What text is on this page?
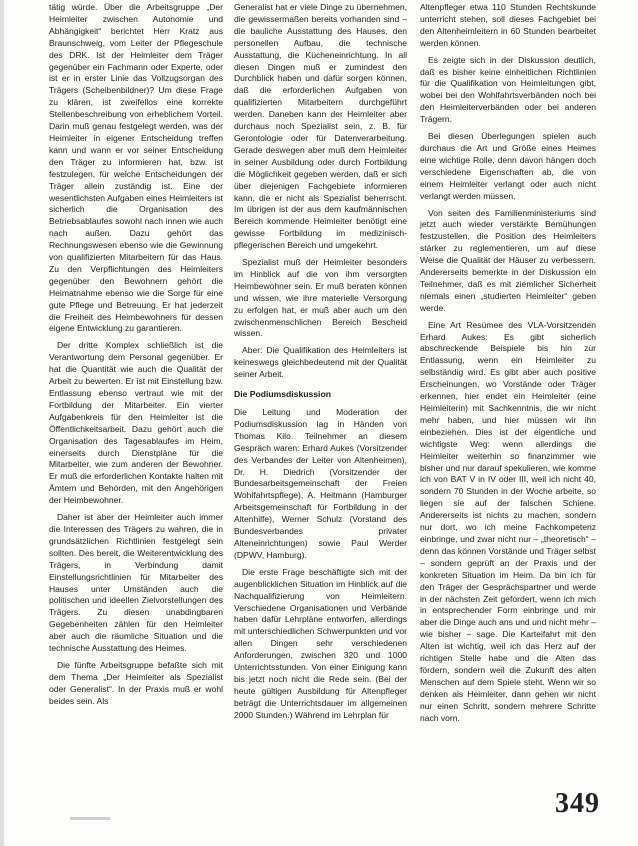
tätig würde. Über die Arbeitsgruppe „Der Heimleiter zwischen Autonomie und Abhängigkeit“ berichtet Herr Kratz aus Braunschweig, vom Leiter der Pflegeschule des DRK. Ist der Heimleiter dem Träger gegenüber ein Fachmann oder Experte, oder ist er in erster Linie das Vollzugsorgan des Trägers (Scheibenbildner)? Um diese Frage zu klären, ist zweifellos eine korrekte Stellenbeschreibung von erheblichem Vorteil. Darin muß genau festgelegt werden, was der Heimleiter in eigener Entscheidung treffen kann und wann er vor seiner Entscheidung den Träger zu informieren hat, bzw. ist festzulegen, für welche Entscheidungen der Träger allein zuständig ist. Eine der wesentlichsten Aufgaben eines Heimleiters ist sicherlich die Organisation des Betriebsablaufes sowohl nach innen wie auch nach außen. Dazu gehört das Rechnungswesen ebenso wie die Gewinnung von qualifizierten Mitarbeitern für das Haus. Zu den Verpflichtungen des Heimleiters gegenüber den Bewohnern gehört die Heimatnahme ebenso wie die Sorge für eine gute Pflege und Betreuung. Er hat jederzeit die Freiheit des Heimbewohners für dessen eigene Entwicklung zu garantieren.

Der dritte Komplex schließlich ist die Verantwortung dem Personal gegenüber. Er hat die Quantität wie auch die Qualität der Arbeit zu bewerten. Er ist mit Einstellung bzw. Entlassung ebenso vertraut wie mit der Fortbildung der Mitarbeiter. Ein vierter Aufgabenkreis für den Heimleiter ist die Öffentlichkeitsarbeit. Dazu gehört auch die Organisation des Tagesablaufes im Heim, einerseits durch Dienstpläne für die Mitarbeiter, wie zum anderen der Bewohner. Er muß die erforderlichen Kontakte halten mit Ämtern und Behörden, mit den Angehörigen der Heimbewohner.

Daher ist aber der Heimleiter auch immer die Interessen des Trägers zu wahren, die in grundsätzlichen Richtlinien festgelegt sein sollten. Des bereit, die Weiterentwicklung des Trägers, in Verbindung damit Einstellungsrichtlinien für Mitarbeiter des Hauses unter Umständen auch die politischen und ideellen Zielvorstellungen des Trägers. Zu diesen unabdingbaren Gegebenheiten zählen für den Heimleiter aber auch die räumliche Situation und die technische Ausstattung des Heimes.

Die fünfte Arbeitsgruppe befaßte sich mit dem Thema „Der Heimleiter als Spezialist oder Generalist“. In der Praxis muß er wohl beides sein. Als

Generalist hat er viele Dinge zu übernehmen, die gewissermaßen bereits vorhanden sind – die bauliche Ausstattung des Hauses, den personellen Aufbau, die technische Ausstattung, die Kücheneinrichtung. In all diesen Dingen muß er zumindest den Durchblick haben und dafür sorgen können, daß die erforderlichen Aufgaben von qualifizierten Mitarbeitern durchgeführt werden. Daneben kann der Heimleiter aber durchaus noch Spezialist sein, z. B. für Gerontologie oder für Datenverarbeitung. Gerade deswegen aber muß dem Heimleiter in seiner Ausbildung oder durch Fortbildung die Möglichkeit gegeben werden, daß er sich über diejenigen Fachgebiete informieren kann, die er nicht als Spezialist beherrscht. Im übrigen ist der aus dem kaufmännischen Bereich kommende Heimleiter benötigt eine gewisse Fortbildung im medizinisch-pflegerischen Bereich und umgekehrt.

Spezialist muß der Heimleiter besonders im Hinblick auf die von ihm versorgten Heimbewohner sein. Er muß beraten können und wissen, wie ihre materielle Versorgung zu erfolgen hat, er muß aber auch um den zwischenmenschlichen Bereich Bescheid wissen.

Aber: Die Qualifikation des Heimleiters ist keineswegs gleichbedeutend mit der Qualität seiner Arbeit.

Die Podiumsdiskussion

Die Leitung und Moderation der Podiumsdiskussion lag in Händen von Thomas Kilo. Teilnehmer an diesem Gespräch waren: Erhard Aukes (Vorsitzender des Verbandes der Leiter von Altenheimen), Dr. H. Diedrich (Vorsitzender der Bundesarbeitsgemeinschaft der Freien Wohlfahrtspflege), A. Heitmann (Hamburger Arbeitsgemeinschaft für Fortbildung in der Altenhilfe), Werner Schulz (Vorstand des Bundesverbandes privater Alteneinrichtungen) sowie Paul Werder (DPWV, Hamburg).

Die erste Frage beschäftigte sich mit der augenblicklichen Situation im Hinblick auf die Nachqualifizierung von Heimleitern. Verschiedene Organisationen und Verbände haben dafür Lehrpläne entworfen, allerdings mit unterschiedlichen Schwerpunkten und vor allen Dingen sehr verschiedenen Anforderungen, zwischen 320 und 1000 Unterrichtsstunden. Von einer Einigung kann bis jetzt noch nicht die Rede sein. (Bei der heute gültigen Ausbildung für Altenpfleger beträgt die Unterrichtsdauer im allgemeinen 2000 Stunden.) Während im Lehrplan für

Altenpfleger etwa 110 Stunden Rechtskunde unterricht stehen, soll dieses Fachgebiet bei den Altenheimleitern in 60 Stunden bearbeitet werden können.

Es zeigte sich in der Diskussion deutlich, daß es bisher keine einheitlichen Richtlinien für die Qualifikation von Heimleitungen gibt, wobei bei den Wohlfahrtsverbänden noch bei den Heimleiterverbänden oder bei anderen Trägern.

Bei diesen Überlegungen spielen auch durchaus die Art und Größe eines Heimes eine wichtige Rolle, denn davon hängen doch verschiedene Eigenschaften ab, die von einem Heimleiter verlangt oder auch nicht verlangt werden müssen.

Von seiten des Familienministeriums sind jetzt auch wieder verstärkte Bemühungen festzustellen, die Position des Heimleiters stärker zu reglementieren, um auf diese Weise die Qualität der Häuser zu verbessern. Andererseits bemerkte in der Diskussion ein Teilnehmer, daß es mit ziemlicher Sicherheit niemals einen „studierten Heimleiter“ geben werde.

Eine Art Resümee des VLA-Vorsitzenden Erhard Aukes: Es gibt sicherlich abschreckende Beispiele bis hin zur Entlassung, wenn ein Heimleiter zu selbständig wird. Es gibt aber auch positive Erscheinungen, wo Vorstände oder Träger erkennen, hier endet ein Heimleiter (eine Heimleiterin) mit Sachkenntnis, die wir nicht mehr haben, und hier müssen wir ihn einbeziehen. Dies ist der eigentliche und wichtigste Weg: wenn allerdings die Heimleiter weiterhin so finanzimmer wie bisher und nur darauf spekulieren, wie komme ich von BAT V in IV oder III, weil ich nicht 40, sondern 70 Stunden in der Woche arbeite, so liegen sie auf der falschen Schiene. Andererseits ist nichts zu machen, sondern nur dort, wo ich meine Fachkompetenz einbringe, und zwar nicht nur – „theoretisch“ – denn das können Vorstände und Träger selbst – sondern geprüft an der Praxis und der konkreten Situation im Heim. Da bin ich für den Träger der Gesprächspartner und werde in der nächsten Zeit gefordert, wenn ich mich in entsprechender Form einbringe und mir aber die Dinge auch ans und und nicht mehr – wie bisher – sage. Die Karteifahrt mit den Alten ist wichtig, weil ich das Herz auf der richtigen Stelle habe und die Alten das fördern, sondern weil die Zukunft des alten Menschen auf dem Spiele steht. Wenn wir so denken als Heimleiter, dann gehen wir nicht nur einen Schritt, sondern mehrere Schritte nach vorn.

349
